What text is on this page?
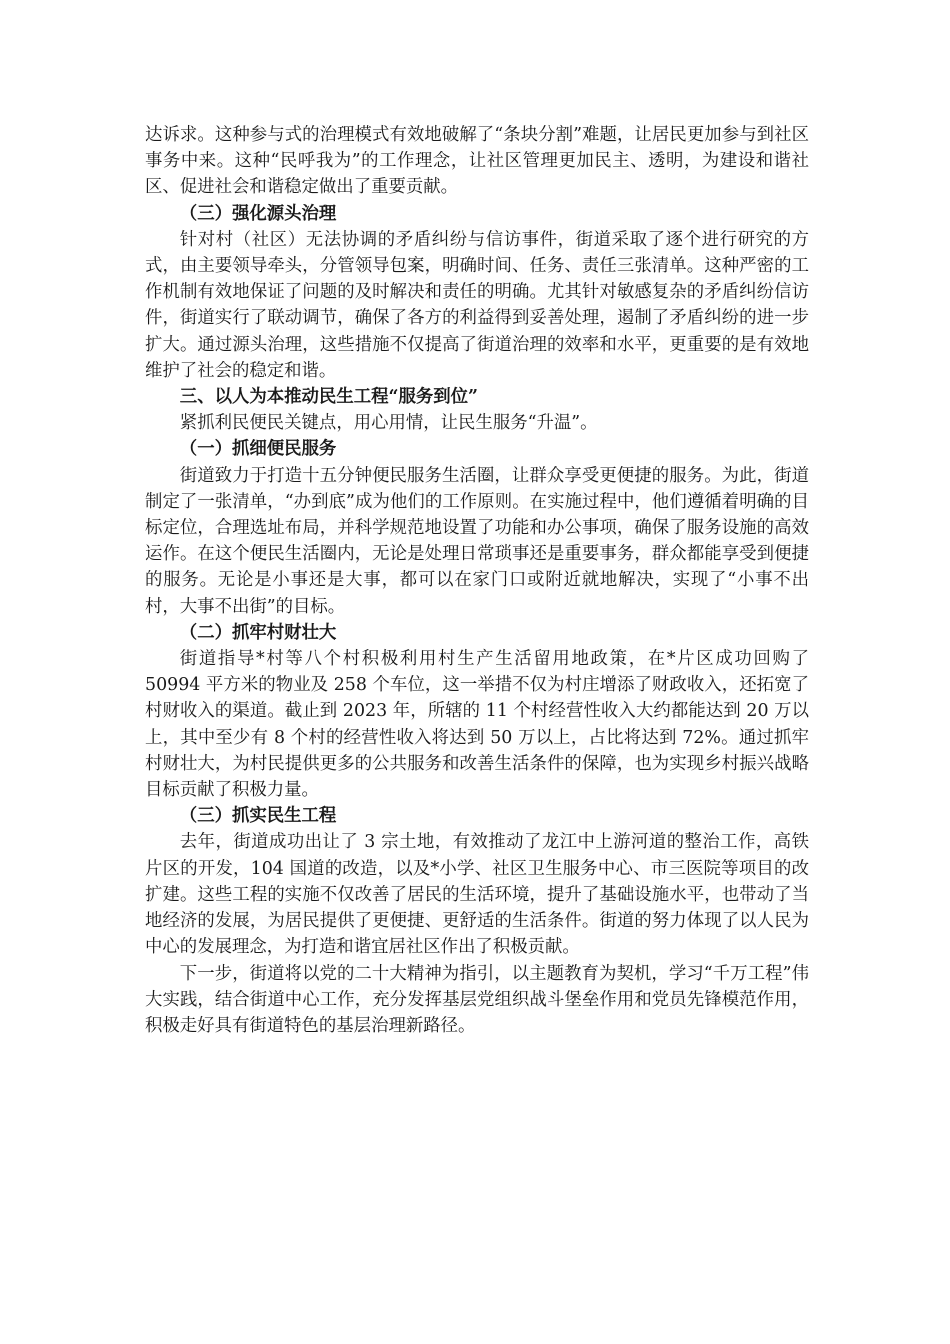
达诉求。这种参与式的治理模式有效地破解了“条块分割”难题，让居民更加参与到社区事务中来。这种“民呼我为”的工作理念，让社区管理更加民主、透明，为建设和谐社区、促进社会和谐稳定做出了重要贡献。

（三）强化源头治理

针对村（社区）无法协调的矛盾纠纷与信访事件，街道采取了逐个进行研究的方式，由主要领导牵头，分管领导包案，明确时间、任务、责任三张清单。这种严密的工作机制有效地保证了问题的及时解决和责任的明确。尤其针对敏感复杂的矛盾纠纷信访件，街道实行了联动调节，确保了各方的利益得到妥善处理，遏制了矛盾纠纷的进一步扩大。通过源头治理，这些措施不仅提高了街道治理的效率和水平，更重要的是有效地维护了社会的稳定和谐。

三、以人为本推动民生工程“服务到位”

紧抓利民便民关键点，用心用情，让民生服务“升温”。

（一）抓细便民服务

街道致力于打造十五分钟便民服务生活圈，让群众享受更便捷的服务。为此，街道制定了一张清单，“办到底”成为他们的工作原则。在实施过程中，他们遵循着明确的目标定位，合理选址布局，并科学规范地设置了功能和办公事项，确保了服务设施的高效运作。在这个便民生活圈内，无论是处理日常琐事还是重要事务，群众都能享受到便捷的服务。无论是小事还是大事，都可以在家门口或附近就地解决，实现了“小事不出村，大事不出街”的目标。

（二）抓牢村财壮大

街道指导*村等八个村积极利用村生产生活留用地政策，在*片区成功回购了 50994 平方米的物业及 258 个车位，这一举措不仅为村庄增添了财政收入，还拓宽了村财收入的渠道。截止到 2023 年，所辖的 11 个村经营性收入大约都能达到 20 万以上，其中至少有 8 个村的经营性收入将达到 50 万以上，占比将达到 72%。通过抓牢村财壮大，为村民提供更多的公共服务和改善生活条件的保障，也为实现乡村振兴战略目标贡献了积极力量。

（三）抓实民生工程

去年，街道成功出让了 3 宗土地，有效推动了龙江中上游河道的整治工作，高铁片区的开发，104 国道的改造，以及*小学、社区卫生服务中心、市三医院等项目的改扩建。这些工程的实施不仅改善了居民的生活环境，提升了基础设施水平，也带动了当地经济的发展，为居民提供了更便捷、更舒适的生活条件。街道的努力体现了以人民为中心的发展理念，为打造和谐宜居社区作出了积极贡献。

下一步，街道将以党的二十大精神为指引，以主题教育为契机，学习“千万工程”伟大实践，结合街道中心工作，充分发挥基层党组织战斗堡垒作用和党员先锋模范作用，积极走好具有街道特色的基层治理新路径。
